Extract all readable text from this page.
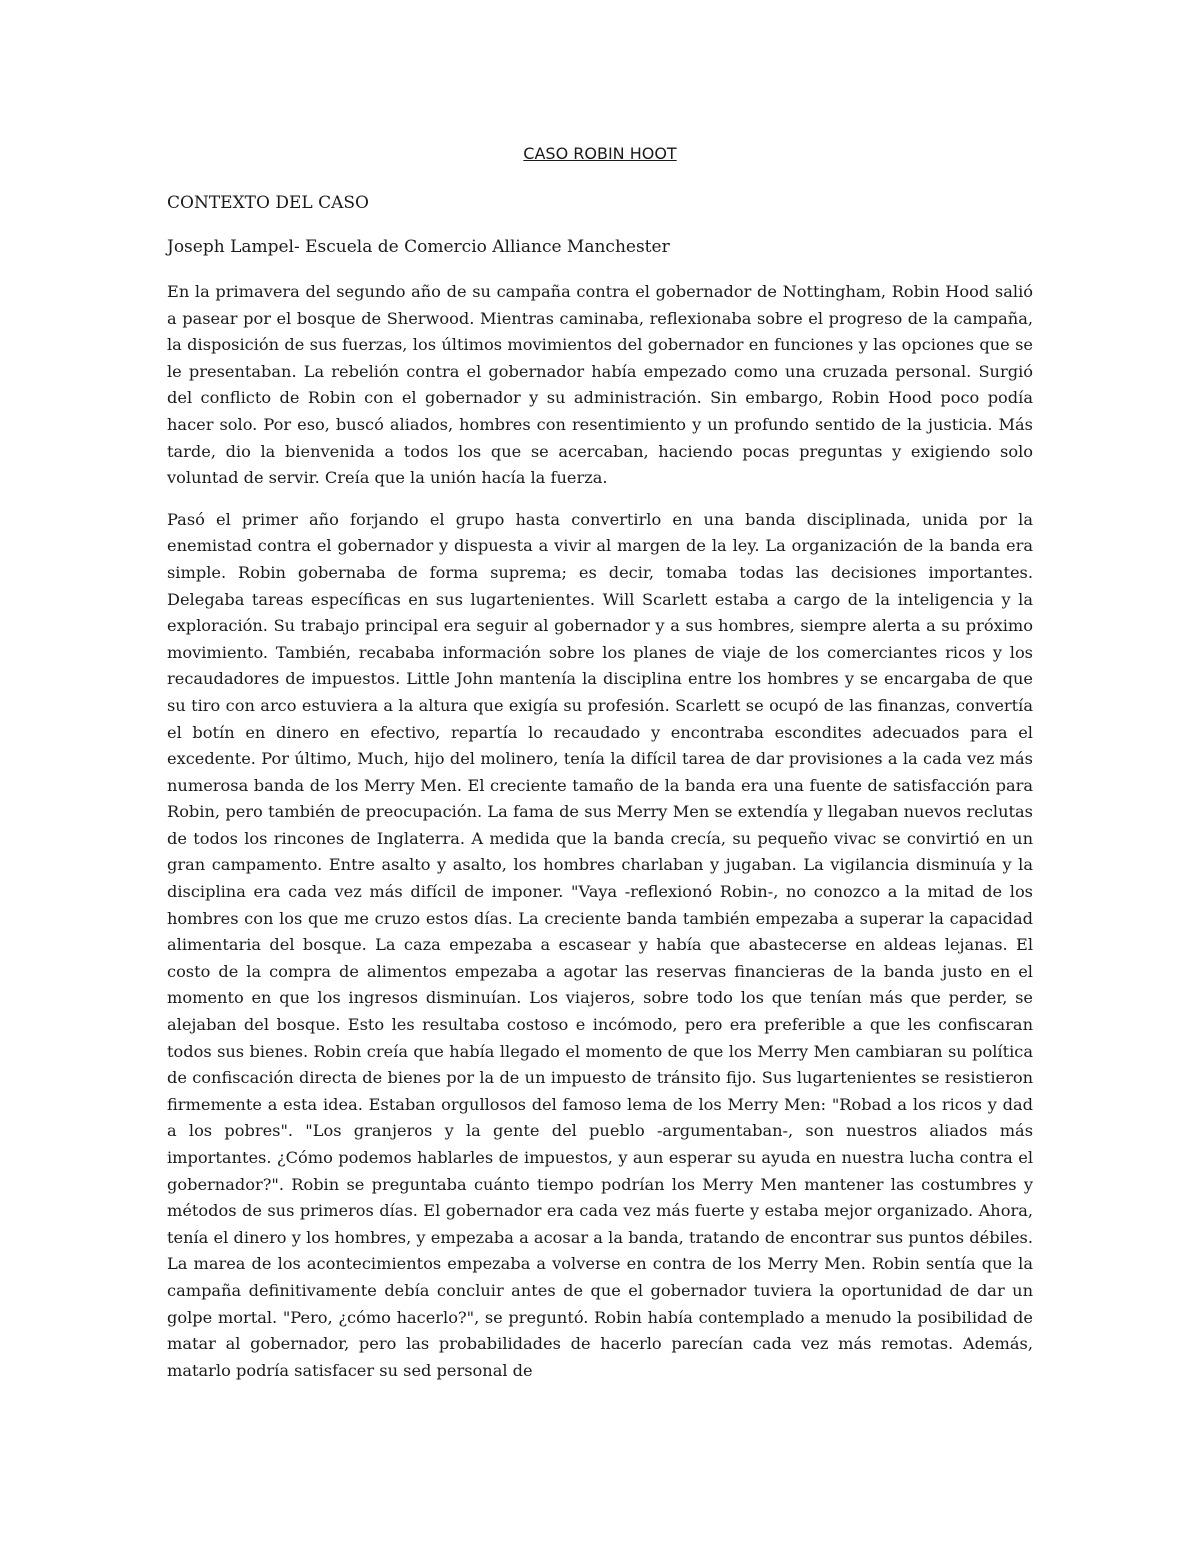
CASO ROBIN HOOT
CONTEXTO DEL CASO
Joseph Lampel- Escuela de Comercio Alliance Manchester

En la primavera del segundo año de su campaña contra el gobernador de Nottingham, Robin Hood salió a pasear por el bosque de Sherwood. Mientras caminaba, reflexionaba sobre el progreso de la campaña, la disposición de sus fuerzas, los últimos movimientos del gobernador en funciones y las opciones que se le presentaban. La rebelión contra el gobernador había empezado como una cruzada personal. Surgió del conflicto de Robin con el gobernador y su administración. Sin embargo, Robin Hood poco podía hacer solo. Por eso, buscó aliados, hombres con resentimiento y un profundo sentido de la justicia. Más tarde, dio la bienvenida a todos los que se acercaban, haciendo pocas preguntas y exigiendo solo voluntad de servir. Creía que la unión hacía la fuerza.

Pasó el primer año forjando el grupo hasta convertirlo en una banda disciplinada, unida por la enemistad contra el gobernador y dispuesta a vivir al margen de la ley. La organización de la banda era simple. Robin gobernaba de forma suprema; es decir, tomaba todas las decisiones importantes. Delegaba tareas específicas en sus lugartenientes. Will Scarlett estaba a cargo de la inteligencia y la exploración. Su trabajo principal era seguir al gobernador y a sus hombres, siempre alerta a su próximo movimiento. También, recababa información sobre los planes de viaje de los comerciantes ricos y los recaudadores de impuestos. Little John mantenía la disciplina entre los hombres y se encargaba de que su tiro con arco estuviera a la altura que exigía su profesión. Scarlett se ocupó de las finanzas, convertía el botín en dinero en efectivo, repartía lo recaudado y encontraba escondites adecuados para el excedente. Por último, Much, hijo del molinero, tenía la difícil tarea de dar provisiones a la cada vez más numerosa banda de los Merry Men. El creciente tamaño de la banda era una fuente de satisfacción para Robin, pero también de preocupación. La fama de sus Merry Men se extendía y llegaban nuevos reclutas de todos los rincones de Inglaterra. A medida que la banda crecía, su pequeño vivac se convirtió en un gran campamento. Entre asalto y asalto, los hombres charlaban y jugaban. La vigilancia disminuía y la disciplina era cada vez más difícil de imponer. "Vaya -reflexionó Robin-, no conozco a la mitad de los hombres con los que me cruzo estos días. La creciente banda también empezaba a superar la capacidad alimentaria del bosque. La caza empezaba a escasear y había que abastecerse en aldeas lejanas. El costo de la compra de alimentos empezaba a agotar las reservas financieras de la banda justo en el momento en que los ingresos disminuían. Los viajeros, sobre todo los que tenían más que perder, se alejaban del bosque. Esto les resultaba costoso e incómodo, pero era preferible a que les confiscaran todos sus bienes. Robin creía que había llegado el momento de que los Merry Men cambiaran su política de confiscación directa de bienes por la de un impuesto de tránsito fijo. Sus lugartenientes se resistieron firmemente a esta idea. Estaban orgullosos del famoso lema de los Merry Men: "Robad a los ricos y dad a los pobres". "Los granjeros y la gente del pueblo -argumentaban-, son nuestros aliados más importantes. ¿Cómo podemos hablarles de impuestos, y aun esperar su ayuda en nuestra lucha contra el gobernador?". Robin se preguntaba cuánto tiempo podrían los Merry Men mantener las costumbres y métodos de sus primeros días. El gobernador era cada vez más fuerte y estaba mejor organizado. Ahora, tenía el dinero y los hombres, y empezaba a acosar a la banda, tratando de encontrar sus puntos débiles. La marea de los acontecimientos empezaba a volverse en contra de los Merry Men. Robin sentía que la campaña definitivamente debía concluir antes de que el gobernador tuviera la oportunidad de dar un golpe mortal. "Pero, ¿cómo hacerlo?", se preguntó. Robin había contemplado a menudo la posibilidad de matar al gobernador, pero las probabilidades de hacerlo parecían cada vez más remotas. Además, matarlo podría satisfacer su sed personal de
